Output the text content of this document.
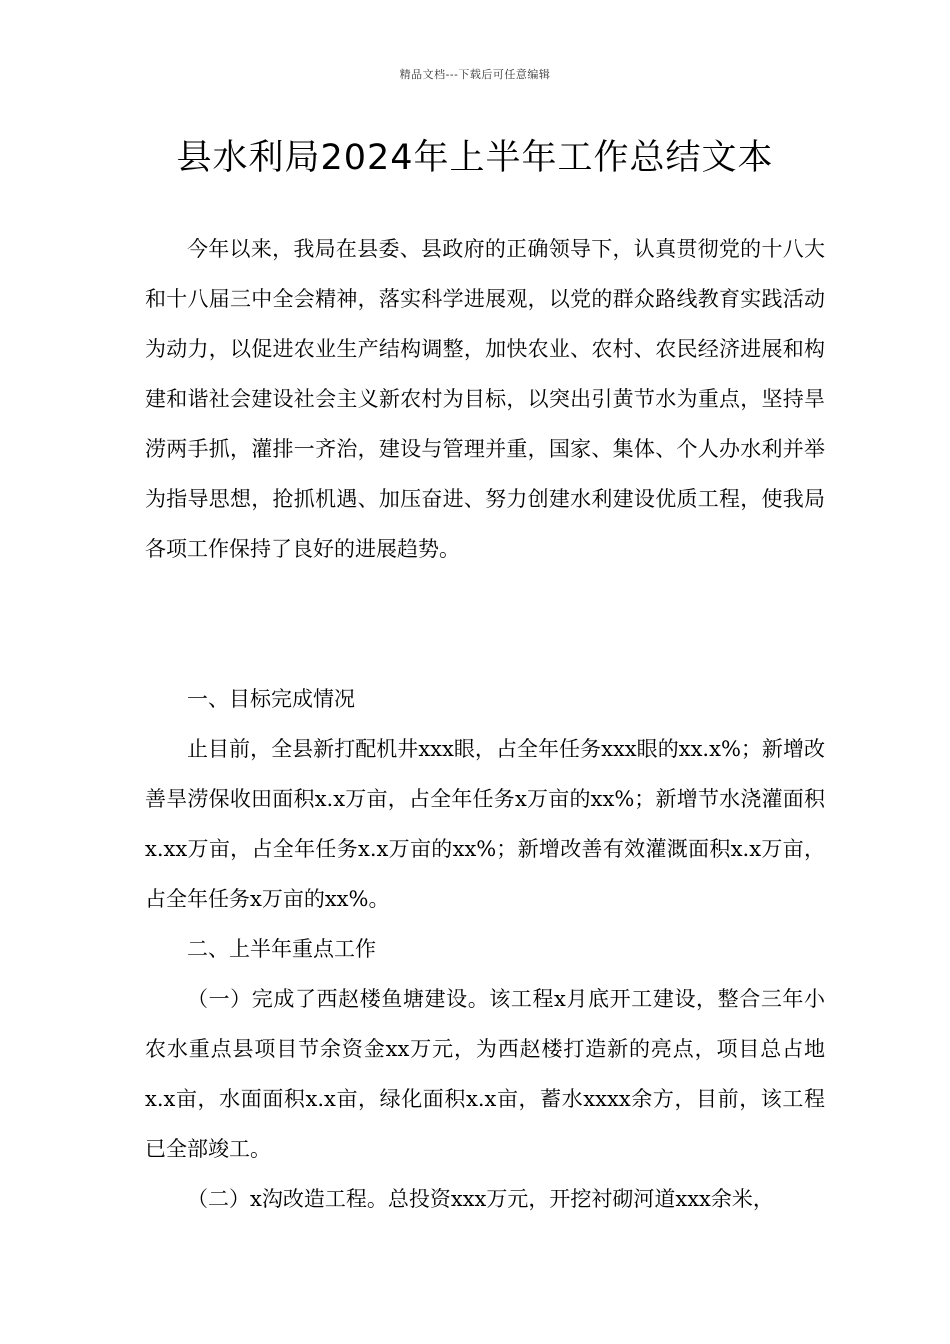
精品文档---下载后可任意编辑
县水利局2024年上半年工作总结文本

今年以来，我局在县委、县政府的正确领导下，认真贯彻党的十八大和十八届三中全会精神，落实科学进展观，以党的群众路线教育实践活动为动力，以促进农业生产结构调整，加快农业、农村、农民经济进展和构建和谐社会建设社会主义新农村为目标，以突出引黄节水为重点，坚持旱涝两手抓，灌排一齐治，建设与管理并重，国家、集体、个人办水利并举为指导思想，抢抓机遇、加压奋进、努力创建水利建设优质工程，使我局各项工作保持了良好的进展趋势。

一、目标完成情况

止目前，全县新打配机井xxx眼，占全年任务xxx眼的xx.x%；新增改善旱涝保收田面积x.x万亩，占全年任务x万亩的xx%；新增节水浇灌面积x.xx万亩，占全年任务x.x万亩的xx%；新增改善有效灌溉面积x.x万亩，占全年任务x万亩的xx%。

二、上半年重点工作

（一）完成了西赵楼鱼塘建设。该工程x月底开工建设，整合三年小农水重点县项目节余资金xx万元，为西赵楼打造新的亮点，项目总占地x.x亩，水面面积x.x亩，绿化面积x.x亩，蓄水xxxx余方，目前，该工程已全部竣工。

（二）x沟改造工程。总投资xxx万元，开挖衬砌河道xxx余米，
